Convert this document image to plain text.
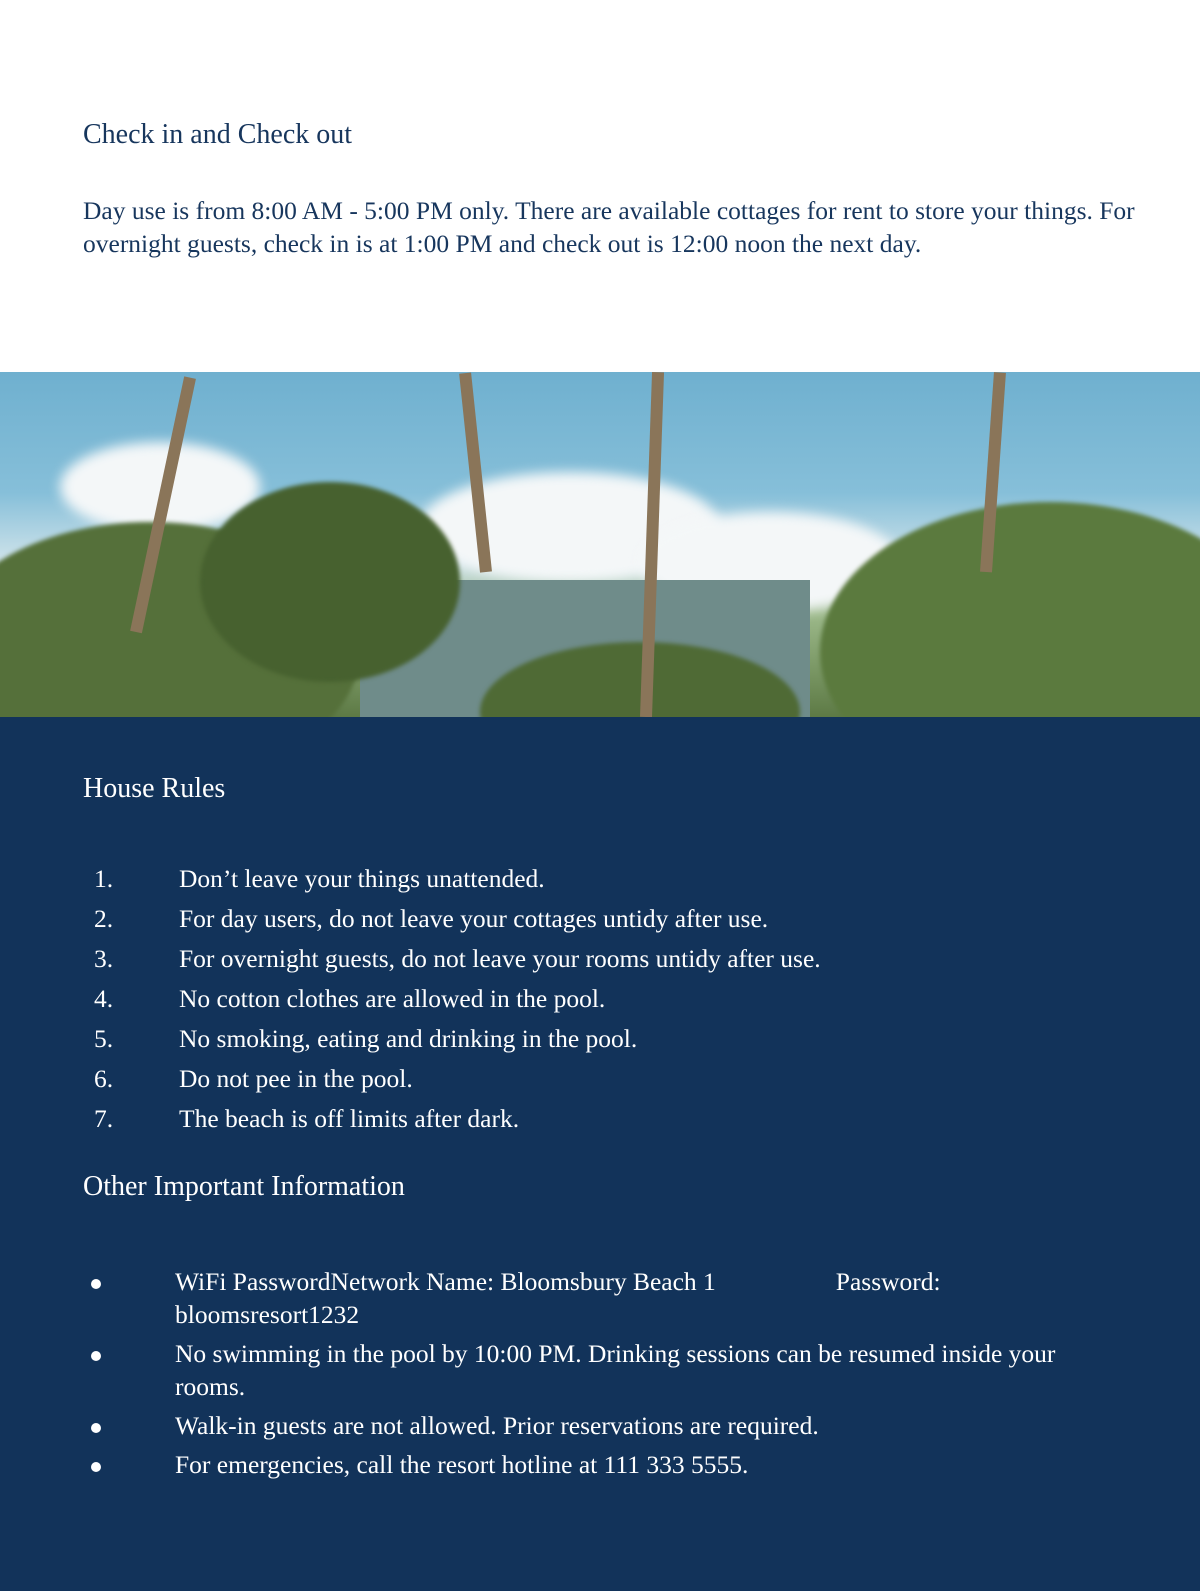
Check in and Check out

Day use is from 8:00 AM - 5:00 PM only. There are available cottages for rent to store your things. For overnight guests, check in is at 1:00 PM and check out is 12:00 noon the next day.

House Rules
1.	Don’t leave your things unattended.
2.	For day users, do not leave your cottages untidy after use.
3.	For overnight guests, do not leave your rooms untidy after use.
4.	No cotton clothes are allowed in the pool.
5.	No smoking, eating and drinking in the pool.
6.	Do not pee in the pool.
7.	The beach is off limits after dark.
Other Important Information
WiFi PasswordNetwork Name: Bloomsbury Beach 1	Password:
bloomsresort1232
No swimming in the pool by 10:00 PM. Drinking sessions can be resumed inside your rooms.
Walk-in guests are not allowed. Prior reservations are required.
For emergencies, call the resort hotline at 111 333 5555.
